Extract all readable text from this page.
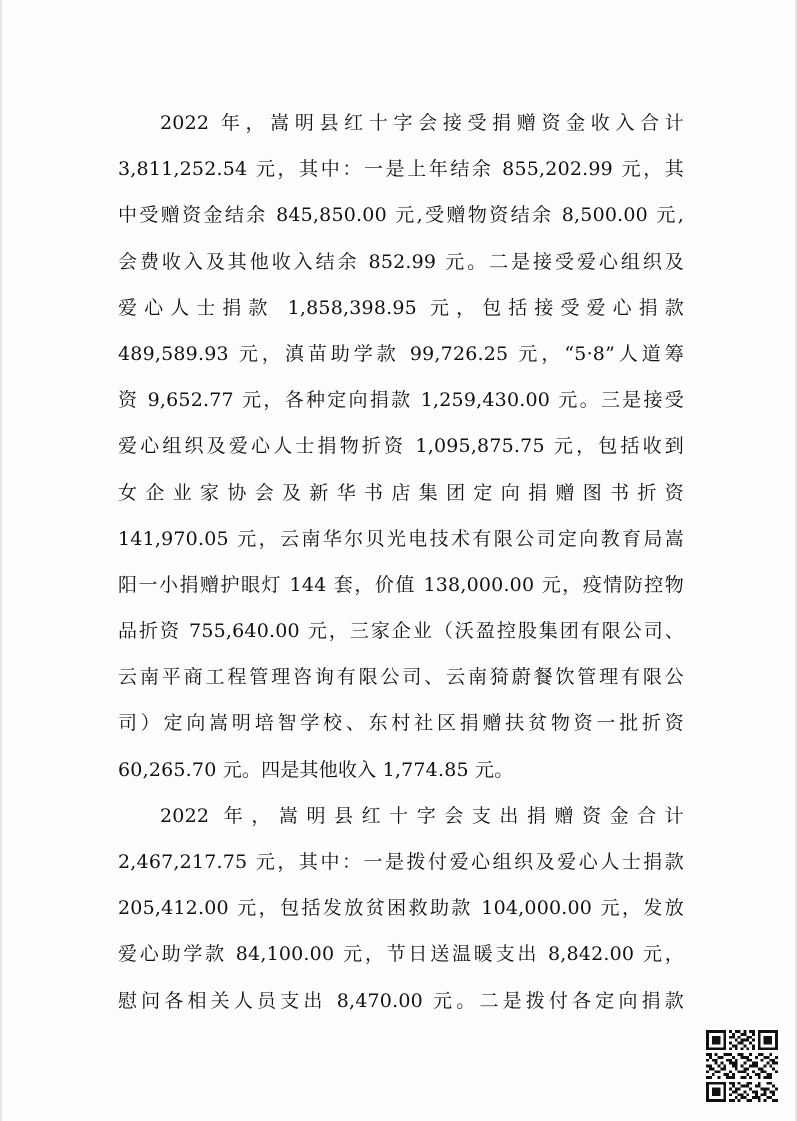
2022 年，嵩明县红十字会接受捐赠资金收入合计
3,811,252.54 元，其中：一是上年结余 855,202.99 元，其
中受赠资金结余 845,850.00 元,受赠物资结余 8,500.00 元,
会费收入及其他收入结余 852.99 元。二是接受爱心组织及
爱心人士捐款 1,858,398.95 元，包括接受爱心捐款
489,589.93 元，滇苗助学款 99,726.25 元，“5·8”人道筹
资 9,652.77 元，各种定向捐款 1,259,430.00 元。三是接受
爱心组织及爱心人士捐物折资 1,095,875.75 元，包括收到
女企业家协会及新华书店集团定向捐赠图书折资
141,970.05 元，云南华尔贝光电技术有限公司定向教育局嵩
阳一小捐赠护眼灯 144 套，价值 138,000.00 元，疫情防控物
品折资 755,640.00 元，三家企业（沃盈控股集团有限公司、
云南平商工程管理咨询有限公司、云南猗蔚餐饮管理有限公
司）定向嵩明培智学校、东村社区捐赠扶贫物资一批折资
60,265.70 元。四是其他收入 1,774.85 元。
2022 年，嵩明县红十字会支出捐赠资金合计
2,467,217.75 元，其中：一是拨付爱心组织及爱心人士捐款
205,412.00 元，包括发放贫困救助款 104,000.00 元，发放
爱心助学款 84,100.00 元，节日送温暖支出 8,842.00 元，
慰问各相关人员支出 8,470.00 元。二是拨付各定向捐款
